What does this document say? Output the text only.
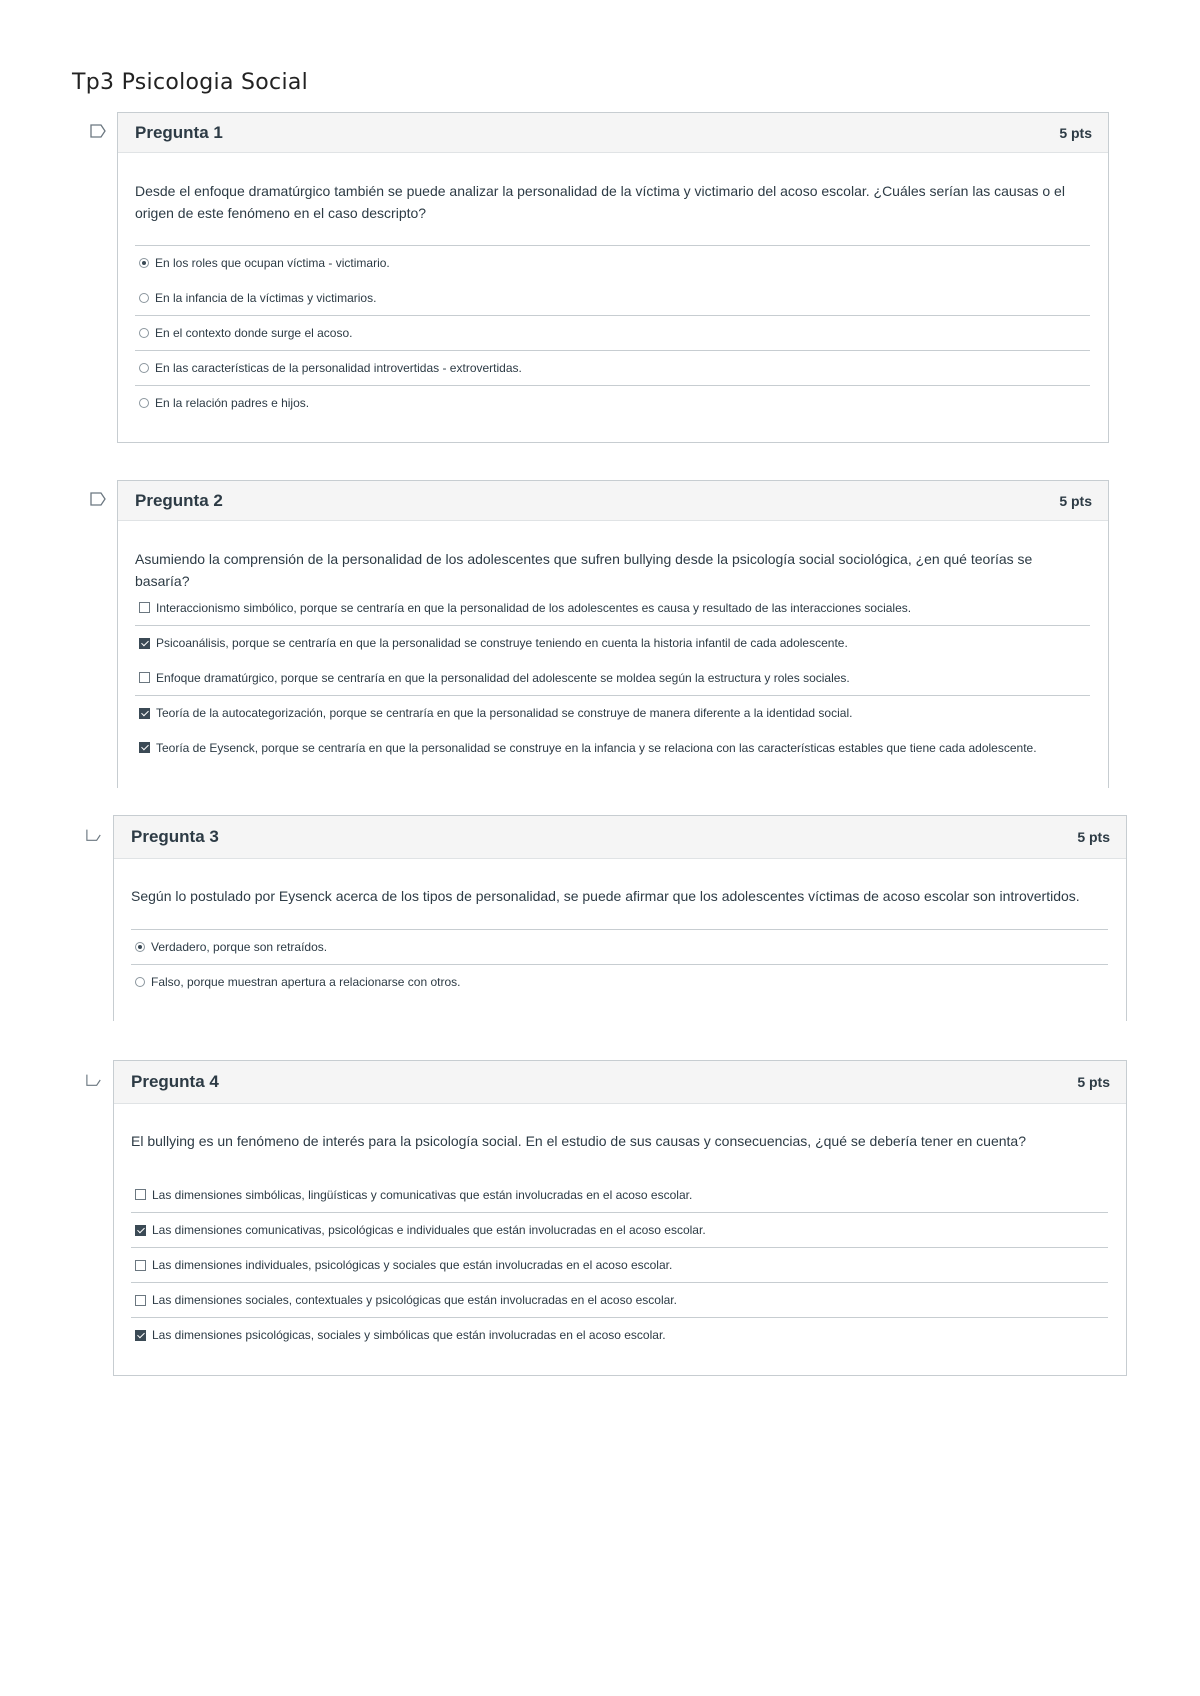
Tp3 Psicologia Social
Pregunta 1	5 pts
Desde el enfoque dramatúrgico también se puede analizar la personalidad de la víctima y victimario del acoso escolar. ¿Cuáles serían las causas o el origen de este fenómeno en el caso descripto?
En los roles que ocupan víctima - victimario.
En la infancia de la víctimas y victimarios.
En el contexto donde surge el acoso.
En las características de la personalidad introvertidas - extrovertidas.
En la relación padres e hijos.
Pregunta 2	5 pts
Asumiendo la comprensión de la personalidad de los adolescentes que sufren bullying desde la psicología social sociológica, ¿en qué teorías se basaría?
Interaccionismo simbólico, porque se centraría en que la personalidad de los adolescentes es causa y resultado de las interacciones sociales.
Psicoanálisis, porque se centraría en que la personalidad se construye teniendo en cuenta la historia infantil de cada adolescente.
Enfoque dramatúrgico, porque se centraría en que la personalidad del adolescente se moldea según la estructura y roles sociales.
Teoría de la autocategorización, porque se centraría en que la personalidad se construye de manera diferente a la identidad social.
Teoría de Eysenck, porque se centraría en que la personalidad se construye en la infancia y se relaciona con las características estables que tiene cada adolescente.
Pregunta 3	5 pts
Según lo postulado por Eysenck acerca de los tipos de personalidad, se puede afirmar que los adolescentes víctimas de acoso escolar son introvertidos.
Verdadero, porque son retraídos.
Falso, porque muestran apertura a relacionarse con otros.
Pregunta 4	5 pts
El bullying es un fenómeno de interés para la psicología social. En el estudio de sus causas y consecuencias, ¿qué se debería tener en cuenta?
Las dimensiones simbólicas, lingüísticas y comunicativas que están involucradas en el acoso escolar.
Las dimensiones comunicativas, psicológicas e individuales que están involucradas en el acoso escolar.
Las dimensiones individuales, psicológicas y sociales que están involucradas en el acoso escolar.
Las dimensiones sociales, contextuales y psicológicas que están involucradas en el acoso escolar.
Las dimensiones psicológicas, sociales y simbólicas que están involucradas en el acoso escolar.
